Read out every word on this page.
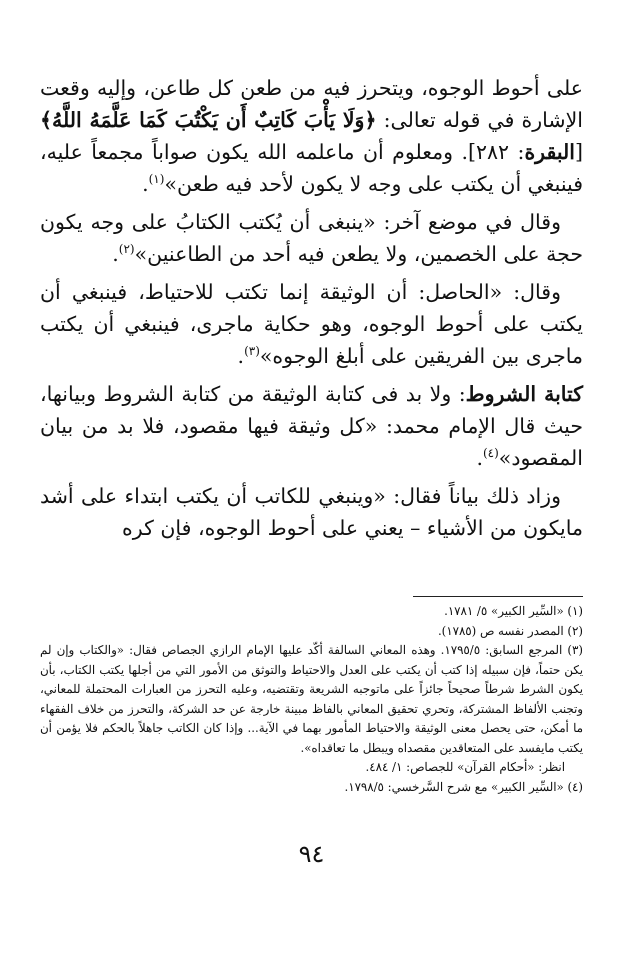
على أحوط الوجوه، ويتحرز فيه من طعن كل طاعن، وإليه وقعت الإشارة في قوله تعالى: ﴿وَلَا يَأْبَ كَاتِبٌ أَن يَكْتُبَ كَمَا عَلَّمَهُ اللَّهُ﴾ [البقرة: ٢٨٢]. ومعلوم أن ماعلمه الله يكون صواباً مجمعاً عليه، فينبغي أن يكتب على وجه لا يكون لأحد فيه طعن»$^{(١)}$.

وقال في موضع آخر: «ينبغى أن يُكتب الكتابُ على وجه يكون حجة على الخصمين، ولا يطعن فيه أحد من الطاعنين»$^{(٢)}$.

وقال: «الحاصل: أن الوثيقة إنما تكتب للاحتياط، فينبغي أن يكتب على أحوط الوجوه، وهو حكاية ماجرى، فينبغي أن يكتب ماجرى بين الفريقين على أبلغ الوجوه»$^{(٣)}$.

كتابة الشروط: ولا بد فى كتابة الوثيقة من كتابة الشروط وبيانها، حيث قال الإمام محمد: «كل وثيقة فيها مقصود، فلا بد من بيان المقصود»$^{(٤)}$.

وزاد ذلك بياناً فقال: «وينبغي للكاتب أن يكتب ابتداء على أشد مايكون من الأشياء – يعني على أحوط الوجوه، فإن كره

(١) «السِّير الكبير» ٥/ ١٧٨١.

(٢) المصدر نفسه ص (١٧٨٥).

(٣) المرجع السابق: ١٧٩٥/٥. وهذه المعاني السالفة أكّد عليها الإمام الرازي الجصاص فقال: «والكتاب وإن لم يكن حتماً، فإن سبيله إذا كتب أن يكتب على العدل والاحتياط والتوثق من الأمور التي من أجلها يكتب الكتاب، بأن يكون الشرط شرطاً صحيحاً جائزاً على ماتوجبه الشريعة وتقتضيه، وعليه التحرز من العبارات المحتملة للمعاني، وتجنب الألفاظ المشتركة، وتحري تحقيق المعاني بالفاظ مبينة خارجة عن حد الشركة، والتحرز من خلاف الفقهاء ما أمكن، حتى يحصل معنى الوثيقة والاحتياط المأمور بهما في الآية... وإذا كان الكاتب جاهلاً بالحكم فلا يؤمن أن يكتب مايفسد على المتعاقدين مقصداه ويبطل ما تعاقداه».

انظر: «أحكام القرآن» للجصاص: ١/ ٤٨٤.

(٤) «السِّير الكبير» مع شرح السَّرخسي: ١٧٩٨/٥.

٩٤
